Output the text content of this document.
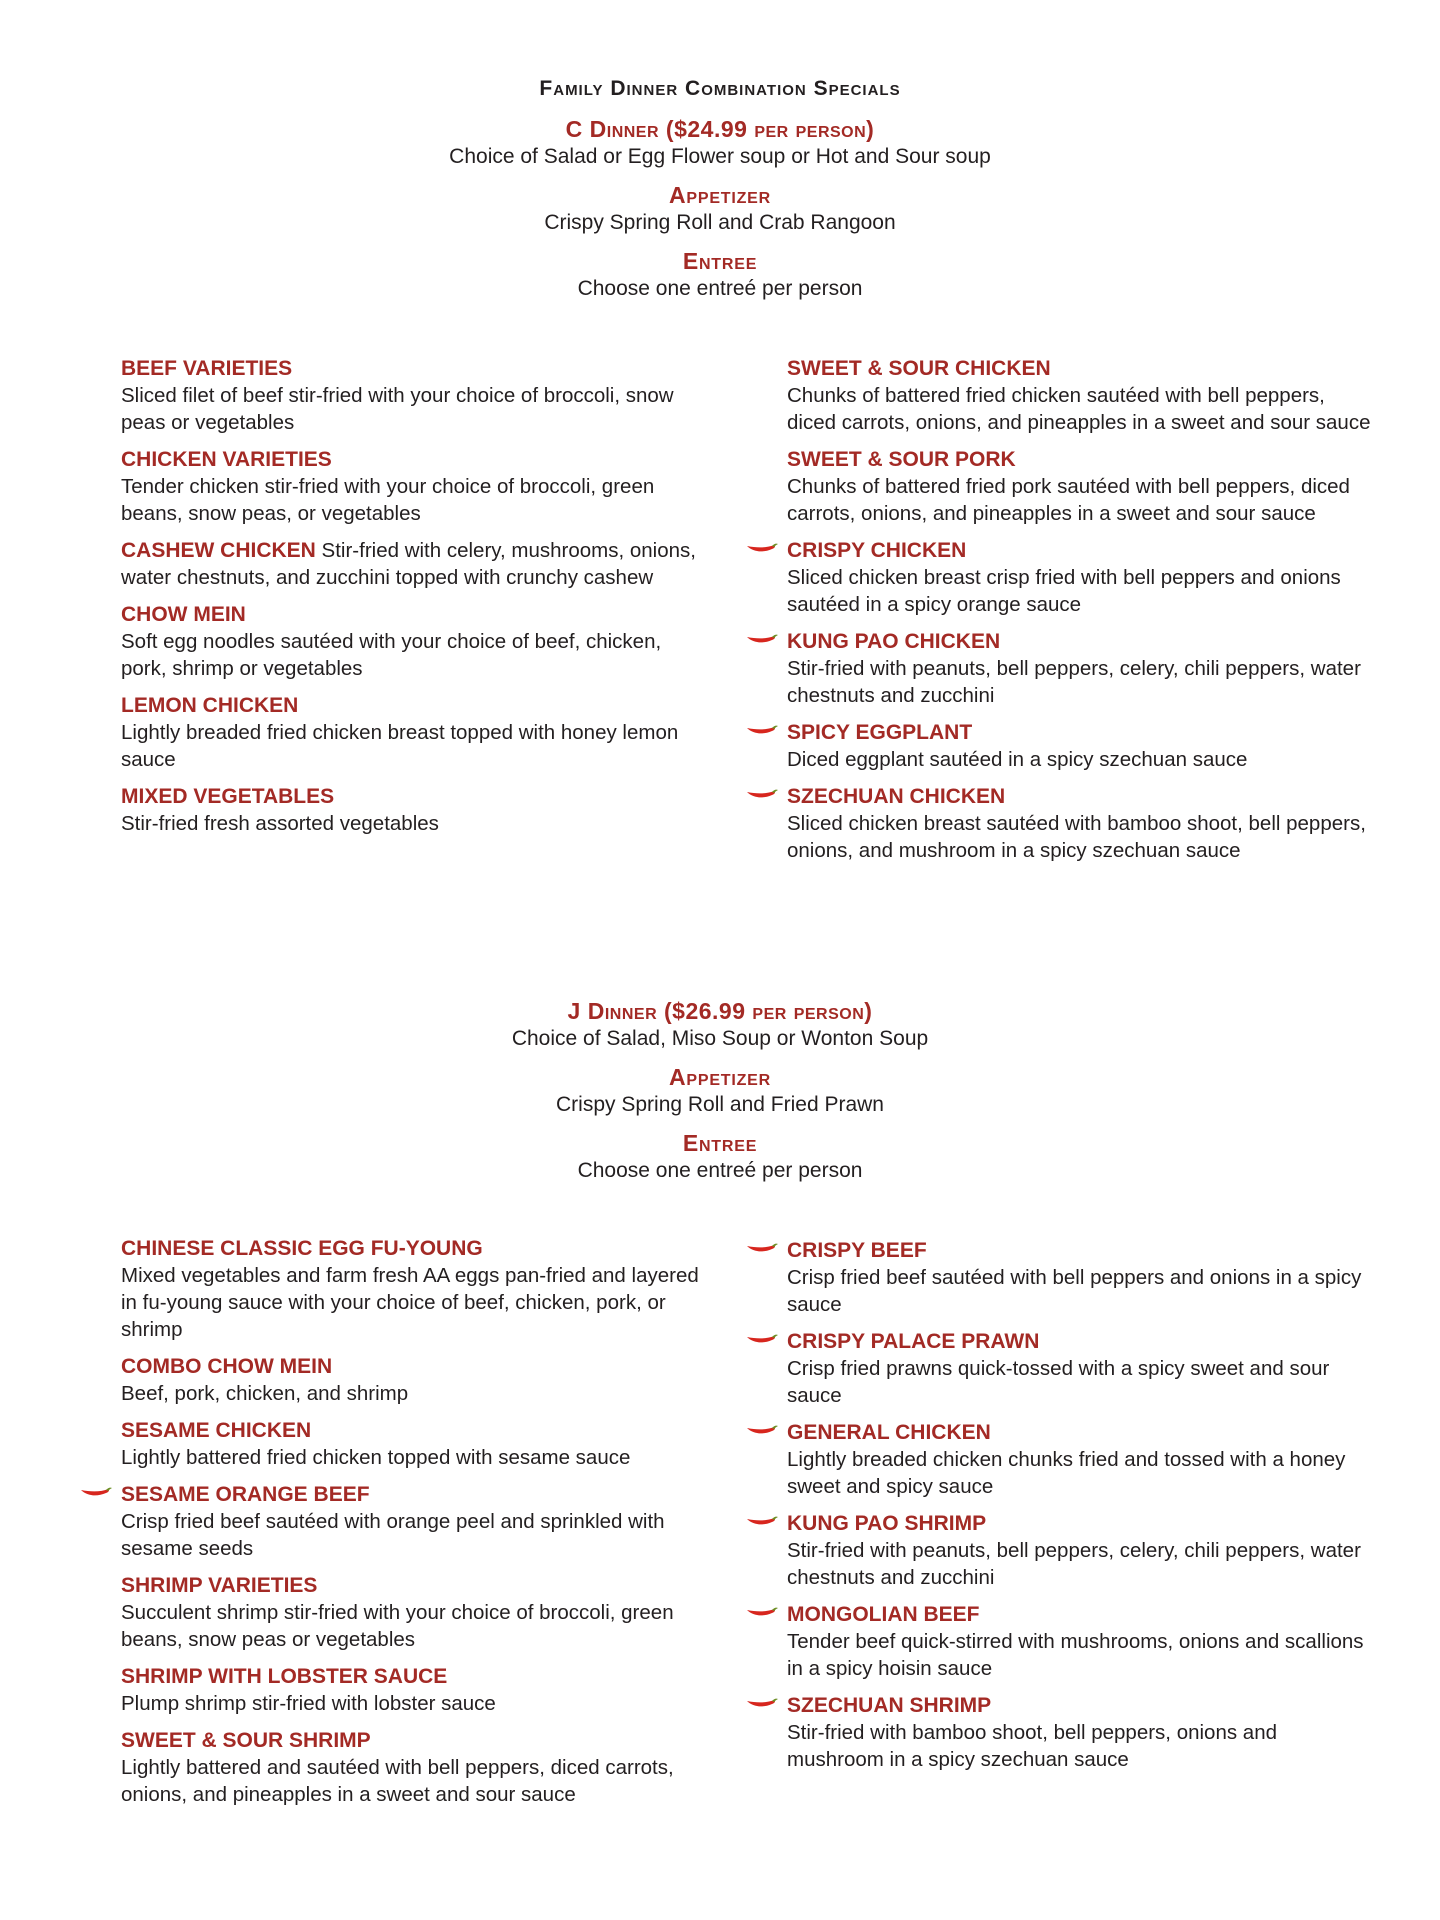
Family Dinner Combination Specials
C Dinner ($24.99 per person)
Choice of Salad or Egg Flower soup or Hot and Sour soup
Appetizer
Crispy Spring Roll and Crab Rangoon
Entree
Choose one entreé per person
BEEF VARIETIES
Sliced filet of beef stir-fried with your choice of broccoli, snow peas or vegetables
CHICKEN VARIETIES
Tender chicken stir-fried with your choice of broccoli, green beans, snow peas, or vegetables
CASHEW CHICKEN Stir-fried with celery, mushrooms, onions, water chestnuts, and zucchini topped with crunchy cashew
CHOW MEIN
Soft egg noodles sautéed with your choice of beef, chicken, pork, shrimp or vegetables
LEMON CHICKEN
Lightly breaded fried chicken breast topped with honey lemon sauce
MIXED VEGETABLES
Stir-fried fresh assorted vegetables
SWEET & SOUR CHICKEN
Chunks of battered fried chicken sautéed with bell peppers, diced carrots, onions, and pineapples in a sweet and sour sauce
SWEET & SOUR PORK
Chunks of battered fried pork sautéed with bell peppers, diced carrots, onions, and pineapples in a sweet and sour sauce
CRISPY CHICKEN
Sliced chicken breast crisp fried with bell peppers and onions sautéed in a spicy orange sauce
KUNG PAO CHICKEN
Stir-fried with peanuts, bell peppers, celery, chili peppers, water chestnuts and zucchini
SPICY EGGPLANT
Diced eggplant sautéed in a spicy szechuan sauce
SZECHUAN CHICKEN
Sliced chicken breast sautéed with bamboo shoot, bell peppers, onions, and mushroom in a spicy szechuan sauce
J Dinner ($26.99 per person)
Choice of Salad, Miso Soup or Wonton Soup
Appetizer
Crispy Spring Roll and Fried Prawn
Entree
Choose one entreé per person
CHINESE CLASSIC EGG FU-YOUNG
Mixed vegetables and farm fresh AA eggs pan-fried and layered in fu-young sauce with your choice of beef, chicken, pork, or shrimp
COMBO CHOW MEIN
Beef, pork, chicken, and shrimp
SESAME CHICKEN
Lightly battered fried chicken topped with sesame sauce
SESAME ORANGE BEEF
Crisp fried beef sautéed with orange peel and sprinkled with sesame seeds
SHRIMP VARIETIES
Succulent shrimp stir-fried with your choice of broccoli, green beans, snow peas or vegetables
SHRIMP WITH LOBSTER SAUCE
Plump shrimp stir-fried with lobster sauce
SWEET & SOUR SHRIMP
Lightly battered and sautéed with bell peppers, diced carrots, onions, and pineapples in a sweet and sour sauce
CRISPY BEEF
Crisp fried beef sautéed with bell peppers and onions in a spicy sauce
CRISPY PALACE PRAWN
Crisp fried prawns quick-tossed with a spicy sweet and sour sauce
GENERAL CHICKEN
Lightly breaded chicken chunks fried and tossed with a honey sweet and spicy sauce
KUNG PAO SHRIMP
Stir-fried with peanuts, bell peppers, celery, chili peppers, water chestnuts and zucchini
MONGOLIAN BEEF
Tender beef quick-stirred with mushrooms, onions and scallions in a spicy hoisin sauce
SZECHUAN SHRIMP
Stir-fried with bamboo shoot, bell peppers, onions and mushroom in a spicy szechuan sauce
